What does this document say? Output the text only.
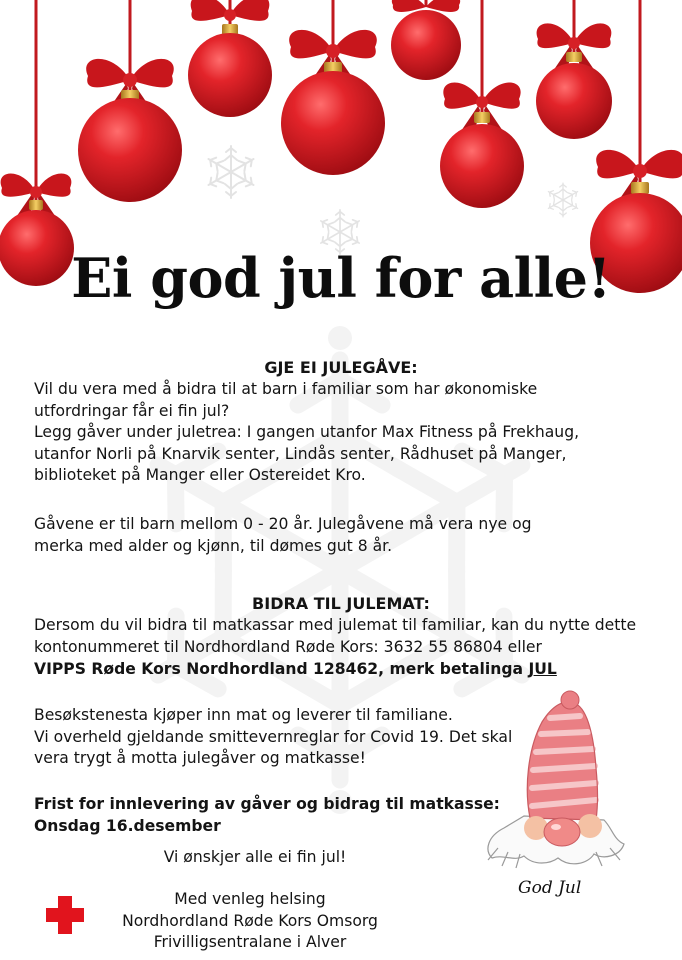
Ei god jul for alle!

GJE EI JULEGÅVE:

Vil du vera med å bidra til at barn i familiar som har økonomiske
utfordringar får ei fin jul?
Legg gåver under juletrea: I gangen utanfor Max Fitness på Frekhaug,
utanfor Norli på Knarvik senter, Lindås senter, Rådhuset på Manger,
biblioteket på Manger eller Ostereidet Kro.

Gåvene er til barn mellom 0 - 20 år. Julegåvene må vera nye og
merka med alder og kjønn, til dømes gut 8 år.

BIDRA TIL JULEMAT:

Dersom du vil bidra til matkassar med julemat til familiar, kan du nytte dette
kontonummeret til Nordhordland Røde Kors: 3632 55 86804 eller

VIPPS Røde Kors Nordhordland 128462, merk betalinga JUL

Besøkstenesta kjøper inn mat og leverer til familiane.
Vi overheld gjeldande smittevernreglar for Covid 19. Det skal
vera trygt å motta julegåver og matkasse!

Frist for innlevering av gåver og bidrag til matkasse:
Onsdag 16.desember

Vi ønskjer alle ei fin jul!

Med venleg helsing
Nordhordland Røde Kors Omsorg
Frivilligsentralane i Alver

God Jul
